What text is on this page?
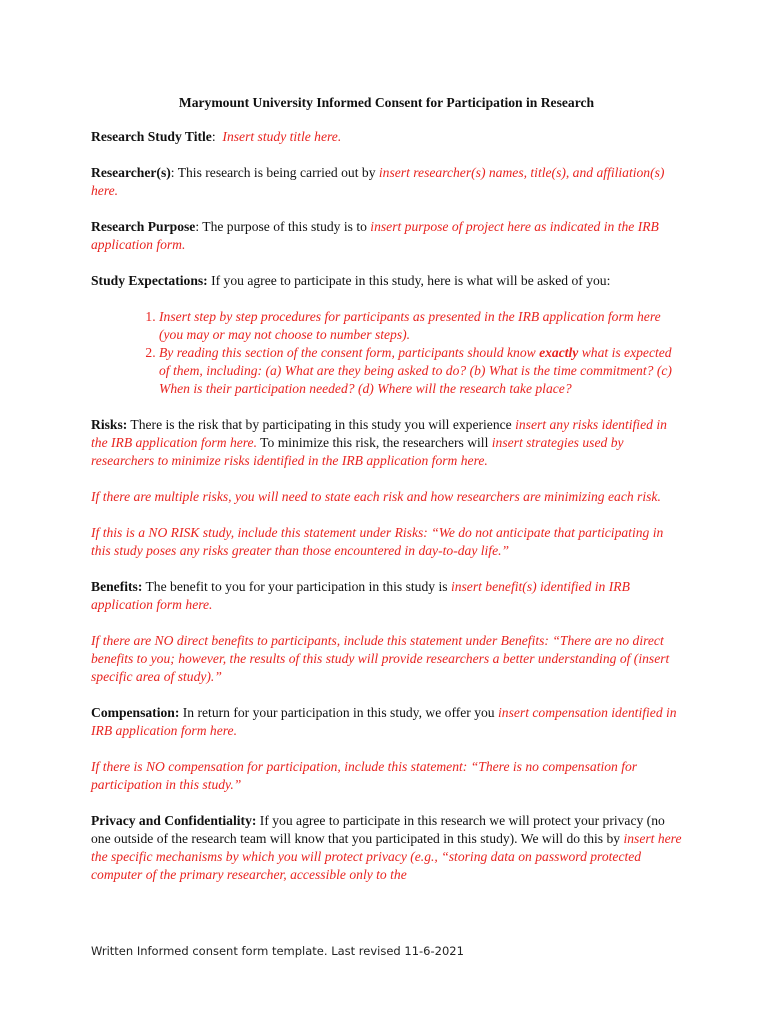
Marymount University Informed Consent for Participation in Research

Research Study Title: Insert study title here.

Researcher(s): This research is being carried out by insert researcher(s) names, title(s), and affiliation(s) here.

Research Purpose: The purpose of this study is to insert purpose of project here as indicated in the IRB application form.

Study Expectations: If you agree to participate in this study, here is what will be asked of you:

1. Insert step by step procedures for participants as presented in the IRB application form here (you may or may not choose to number steps).
2. By reading this section of the consent form, participants should know exactly what is expected of them, including: (a) What are they being asked to do? (b) What is the time commitment? (c) When is their participation needed? (d) Where will the research take place?

Risks: There is the risk that by participating in this study you will experience insert any risks identified in the IRB application form here. To minimize this risk, the researchers will insert strategies used by researchers to minimize risks identified in the IRB application form here.

If there are multiple risks, you will need to state each risk and how researchers are minimizing each risk.

If this is a NO RISK study, include this statement under Risks: “We do not anticipate that participating in this study poses any risks greater than those encountered in day-to-day life.”

Benefits: The benefit to you for your participation in this study is insert benefit(s) identified in IRB application form here.

If there are NO direct benefits to participants, include this statement under Benefits: “There are no direct benefits to you; however, the results of this study will provide researchers a better understanding of (insert specific area of study).”

Compensation: In return for your participation in this study, we offer you insert compensation identified in IRB application form here.

If there is NO compensation for participation, include this statement: “There is no compensation for participation in this study.”

Privacy and Confidentiality: If you agree to participate in this research we will protect your privacy (no one outside of the research team will know that you participated in this study). We will do this by insert here the specific mechanisms by which you will protect privacy (e.g., “storing data on password protected computer of the primary researcher, accessible only to the

Written Informed consent form template. Last revised 11-6-2021
